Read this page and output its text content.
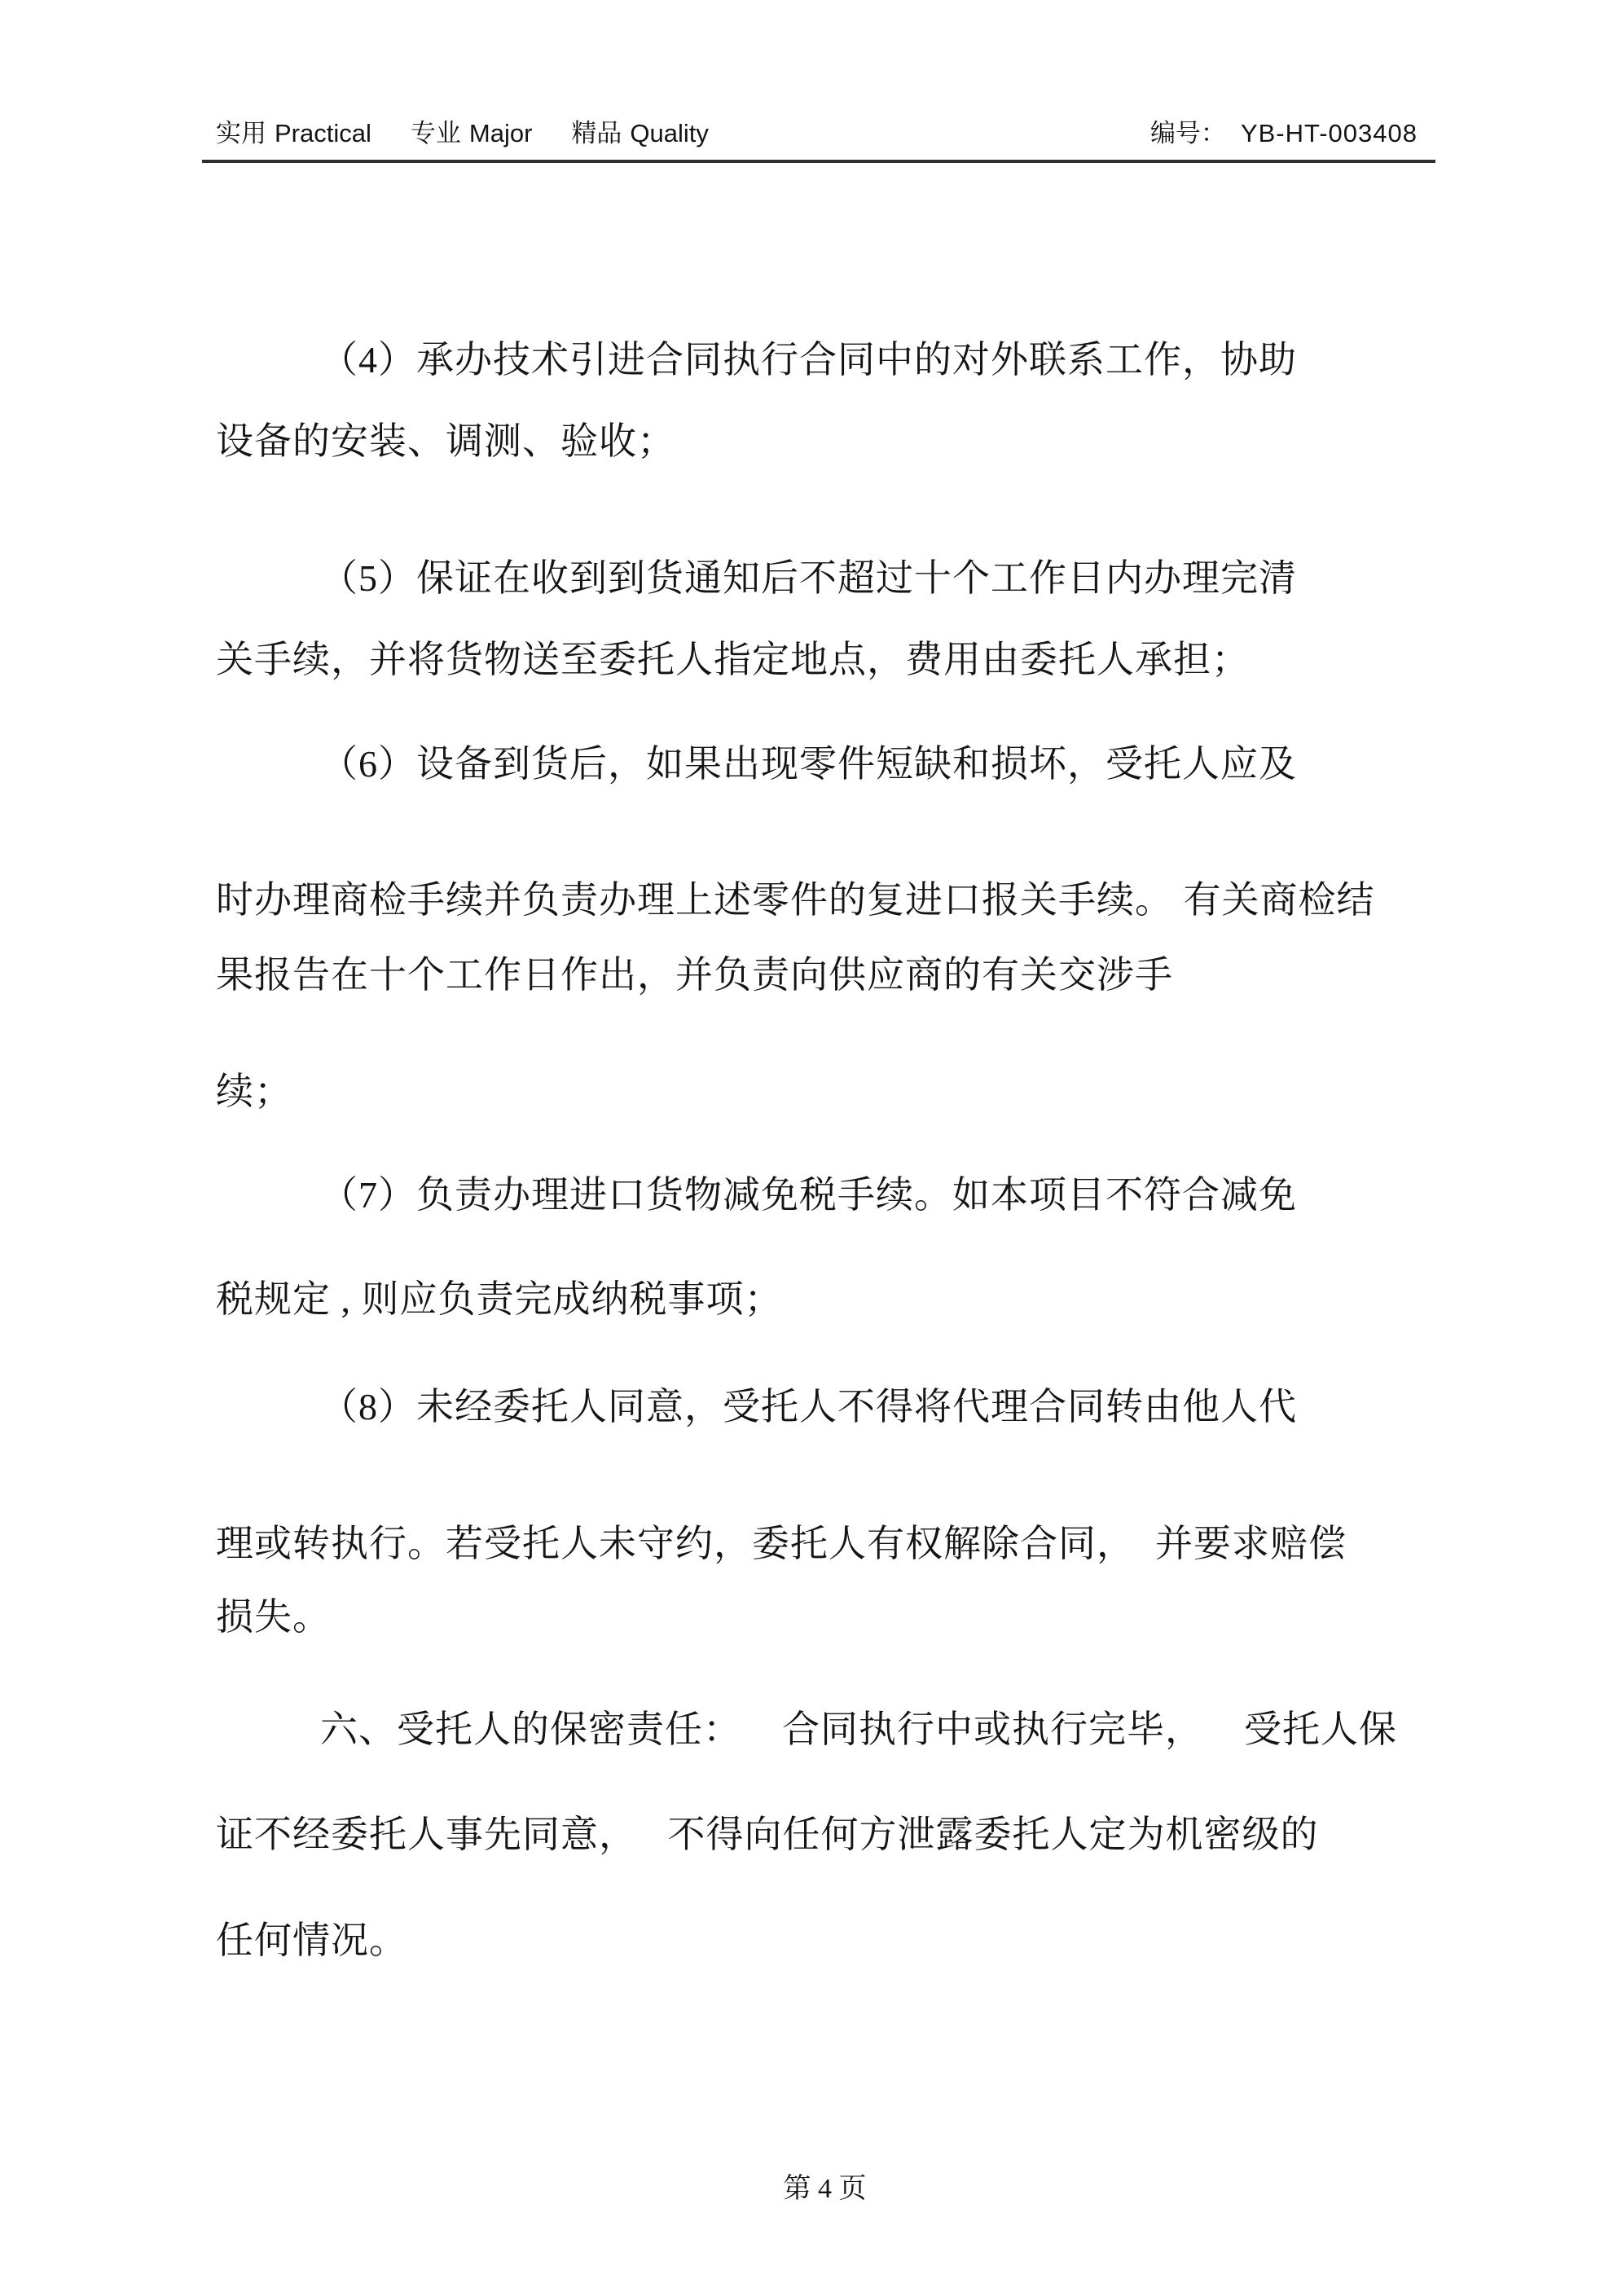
实用 Practical 专业 Major 精品 Quality	编号： YB-HT-003408
（4）承办技术引进合同执行合同中的对外联系工作，协助
设备的安装、调测、验收；
（5）保证在收到到货通知后不超过十个工作日内办理完清
关手续，并将货物送至委托人指定地点，费用由委托人承担；
（6）设备到货后，如果出现零件短缺和损坏，受托人应及
时办理商检手续并负责办理上述零件的复进口报关手续。 有关商检结
果报告在十个工作日作出，并负责向供应商的有关交涉手
续；
（7）负责办理进口货物减免税手续。如本项目不符合减免
税规定 , 则应负责完成纳税事项；
（8）未经委托人同意，受托人不得将代理合同转由他人代
理或转执行。若受托人未守约，委托人有权解除合同，  并要求赔偿
损失。
六、受托人的保密责任：    合同执行中或执行完毕，    受托人保
证不经委托人事先同意，   不得向任何方泄露委托人定为机密级的
任何情况。

第 4 页
